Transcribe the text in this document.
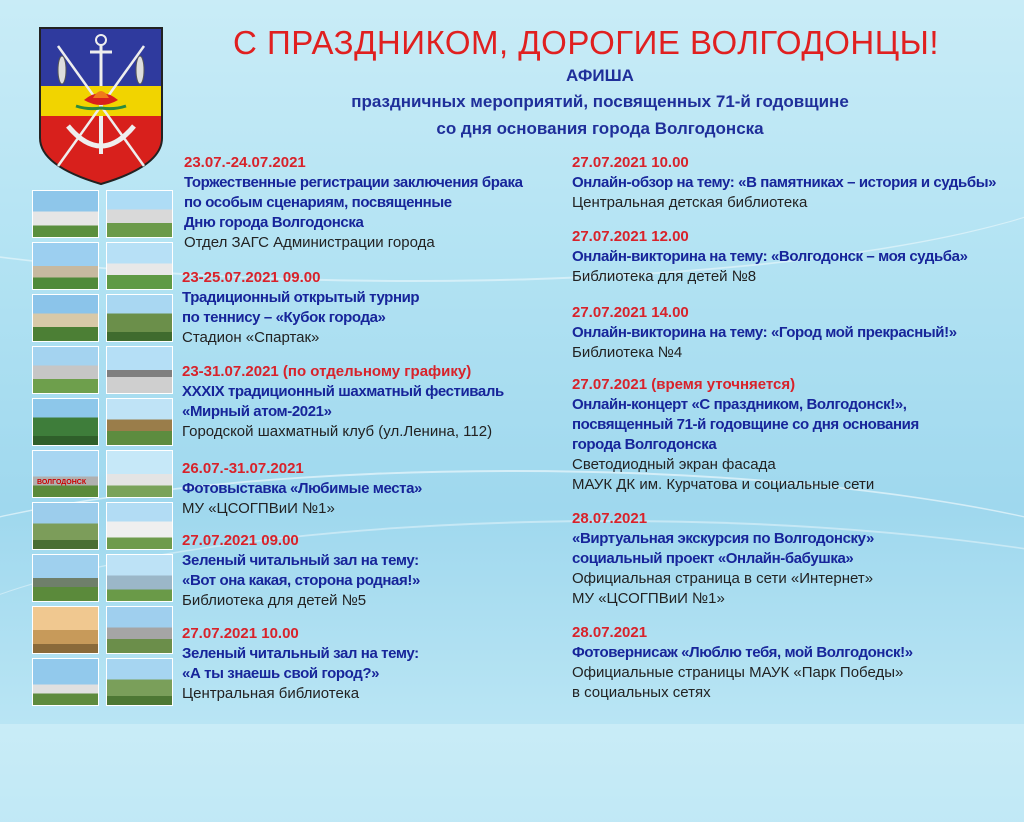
С ПРАЗДНИКОМ, ДОРОГИЕ ВОЛГОДОНЦЫ!
АФИША
праздничных мероприятий, посвященных 71-й годовщине
со дня основания города Волгодонска
ВОЛГОДОНСК
23.07.-24.07.2021
Торжественные регистрации заключения брака
по особым сценариям, посвященные
Дню города Волгодонска
Отдел ЗАГС Администрации города
23-25.07.2021 09.00
Традиционный открытый турнир
по теннису – «Кубок города»
Стадион «Спартак»
23-31.07.2021 (по отдельному графику)
XXXIX традиционный шахматный фестиваль
«Мирный атом-2021»
Городской шахматный клуб (ул.Ленина, 112)
26.07.-31.07.2021
Фотовыставка «Любимые места»
МУ «ЦСОГПВиИ №1»
27.07.2021 09.00
Зеленый читальный зал на тему:
«Вот она какая, сторона родная!»
Библиотека для детей №5
27.07.2021 10.00
Зеленый читальный зал на тему:
«А ты знаешь свой город?»
Центральная библиотека
27.07.2021 10.00
Онлайн-обзор на тему: «В памятниках – история и судьбы»
Центральная детская библиотека
27.07.2021 12.00
Онлайн-викторина на тему: «Волгодонск – моя судьба»
Библиотека для детей №8
27.07.2021 14.00
Онлайн-викторина на тему: «Город мой прекрасный!»
Библиотека №4
27.07.2021 (время уточняется)
Онлайн-концерт «С праздником, Волгодонск!»,
посвященный 71-й годовщине со дня основания
города Волгодонска
Светодиодный экран фасада
МАУК ДК им. Курчатова и социальные сети
28.07.2021
«Виртуальная экскурсия по Волгодонску»
социальный проект «Онлайн-бабушка»
Официальная страница в сети «Интернет»
МУ «ЦСОГПВиИ №1»
28.07.2021
Фотовернисаж «Люблю тебя, мой Волгодонск!»
Официальные страницы МАУК «Парк Победы»
в социальных сетях
